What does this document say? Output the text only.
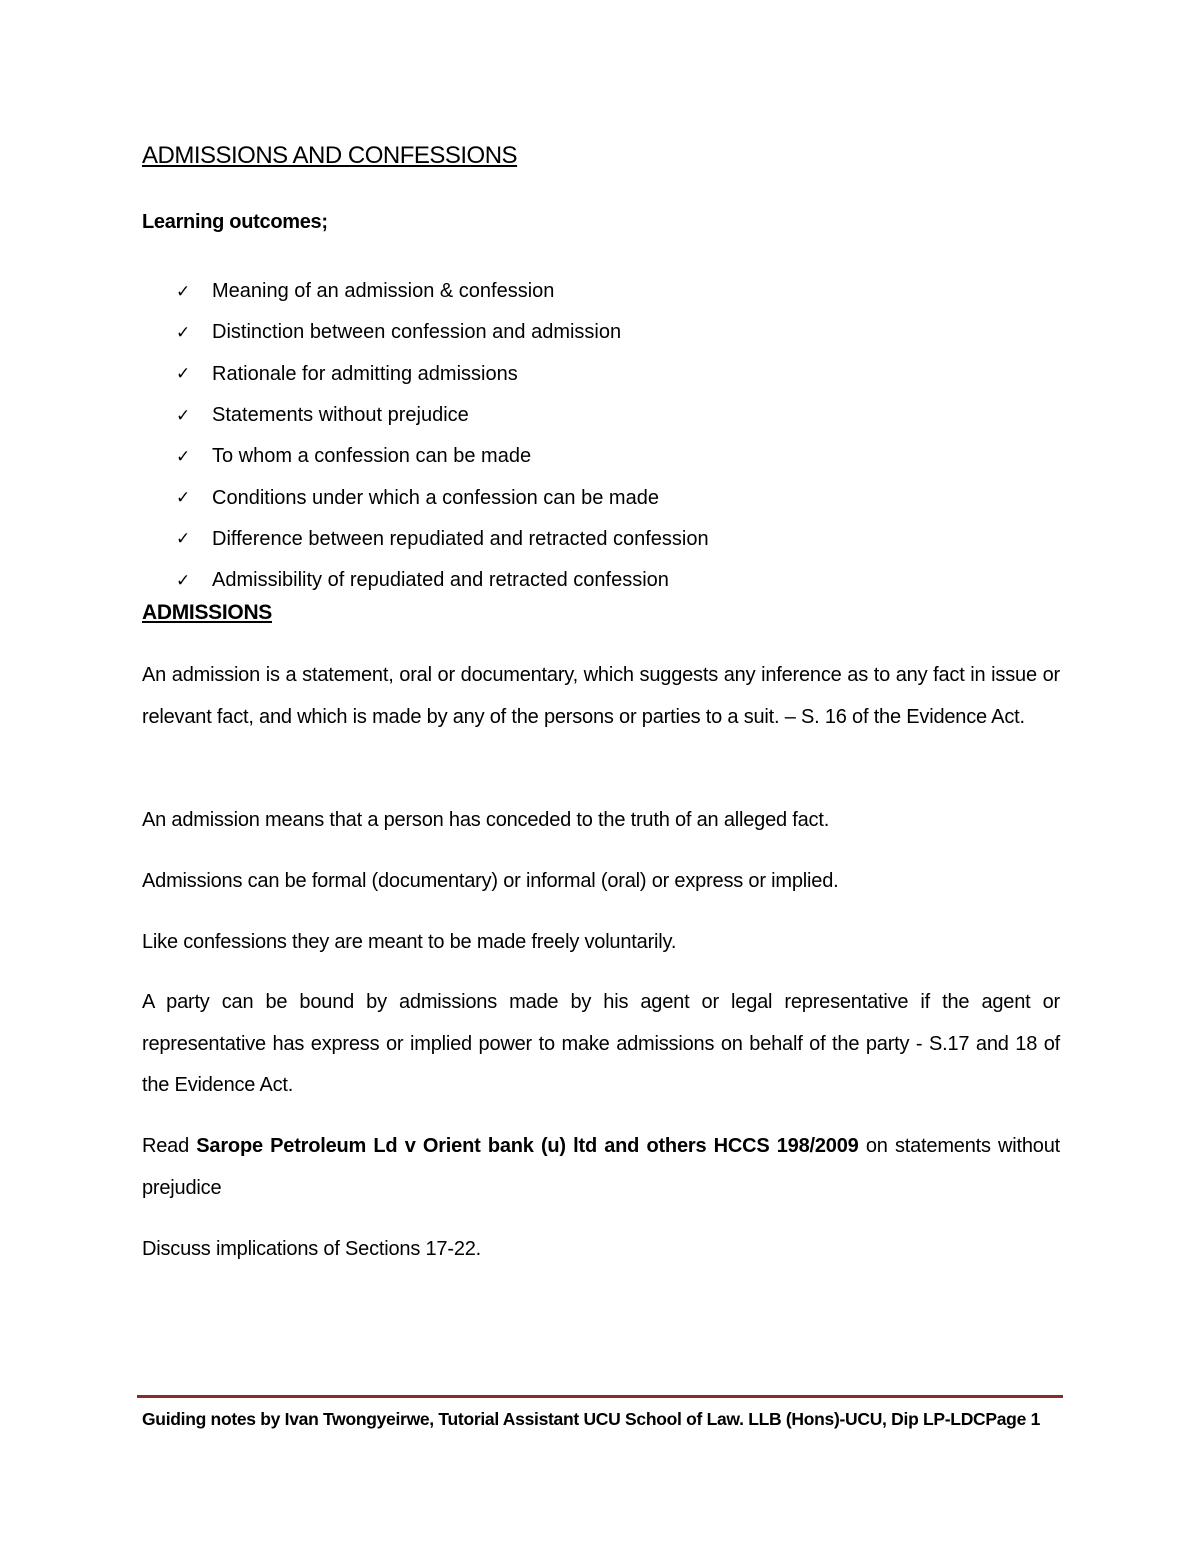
ADMISSIONS AND CONFESSIONS
Learning outcomes;
✓	Meaning of an admission & confession
✓	Distinction between confession and admission
✓	Rationale for admitting admissions
✓	Statements without prejudice
✓	To whom a confession can be made
✓	Conditions under which a confession can be made
✓	Difference between repudiated and retracted confession
✓	Admissibility of repudiated and retracted confession
ADMISSIONS

An admission is a statement, oral or documentary, which suggests any inference as to any fact in issue or relevant fact, and which is made by any of the persons or parties to a suit. – S. 16 of the Evidence Act.

An admission means that a person has conceded to the truth of an alleged fact.

Admissions can be formal (documentary) or informal (oral) or express or implied.

Like confessions they are meant to be made freely voluntarily.

A party can be bound by admissions made by his agent or legal representative if the agent or representative has express or implied power to make admissions on behalf of the party - S.17 and 18 of the Evidence Act.

Read Sarope Petroleum Ld v Orient bank (u) ltd and others HCCS 198/2009 on statements without prejudice

Discuss implications of Sections 17-22.

Guiding notes by Ivan Twongyeirwe, Tutorial Assistant UCU School of Law. LLB (Hons)-UCU, Dip LP-LDCPage 1
